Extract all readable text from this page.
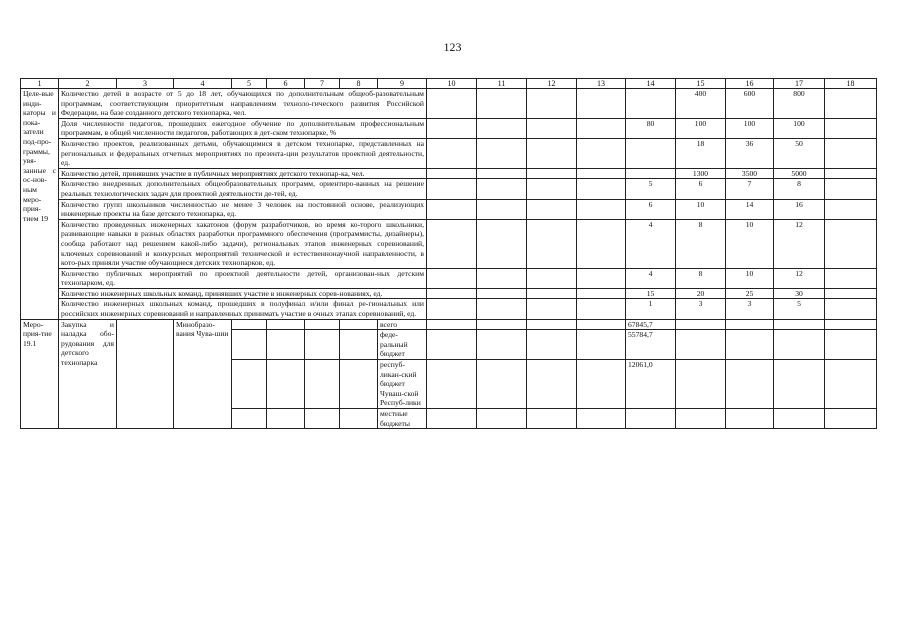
123
1	2	3	4	5	6	7	8	9	10	11	12	13	14	15	16	17	18
Целе-вые инди-каторы и пока-затели под-про-граммы, увя-занные с ос-нов-ным меро-прия-тием 19	Количество детей в возрасте от 5 до 18 лет, обучающихся по дополнительным общеоб-разовательным программам, соответствующим приоритетным направлениям техноло-гического развития Российской Федерации, на базе созданного детского технопарка, чел.													400	600	800	
	Доля численности педагогов, прошедших ежегодное обучение по дополнительным профессиональным программам, в общей численности педагогов, работающих в дет-ском технопарке, %												80	100	100	100	
	Количество проектов, реализованных детьми, обучающимися в детском технопарке, представленных на региональных и федеральных отчетных мероприятиях по презента-ции результатов проектной деятельности, ед.													18	36	50	
	Количество детей, принявших участие в публичных мероприятиях детского технопар-ка, чел.													1300	3500	5000	
	Количество внедренных дополнительных общеобразовательных программ, ориентиро-ванных на решение реальных технологических задач для проектной деятельности де-тей, ед.												5	6	7	8	
	Количество групп школьников численностью не менее 3 человек на постоянной основе, реализующих инженерные проекты на базе детского технопарка, ед.												6	10	14	16	
	Количество проведенных инженерных хакатонов (форум разработчиков, во время ко-торого школьники, развивающие навыки в разных областях разработки программного обеспечения (программисты, дизайнеры), сообща работают над решением какой-либо задачи), региональных этапов инженерных соревнований, ключевых соревнований и конкурсных мероприятий технической и естественнонаучной направленности, в кото-рых приняли участие обучающиеся детских технопарков, ед.												4	8	10	12	
	Количество публичных мероприятий по проектной деятельности детей, организован-ных детским технопарком, ед.												4	8	10	12	
	Количество инженерных школьных команд, принявших участие в инженерных сорев-нованиях, ед.												15	20	25	30	
	Количество инженерных школьных команд, прошедших в полуфинал и/или финал ре-гиональных или российских инженерных соревнований и направленных принимать участие в очных этапах соревнований, ед.												1	3	3	5	
Меро-прия-тие 19.1	Закупка и наладка обо-рудования для детского технопарка		Минобразо-вания Чува-шии					всего					67845,7				
								феде-ральный бюджет					55784,7				
								респуб-ликан-ский бюджет Чуваш-ской Респуб-лики					12061,0				
								местные бюджеты									
